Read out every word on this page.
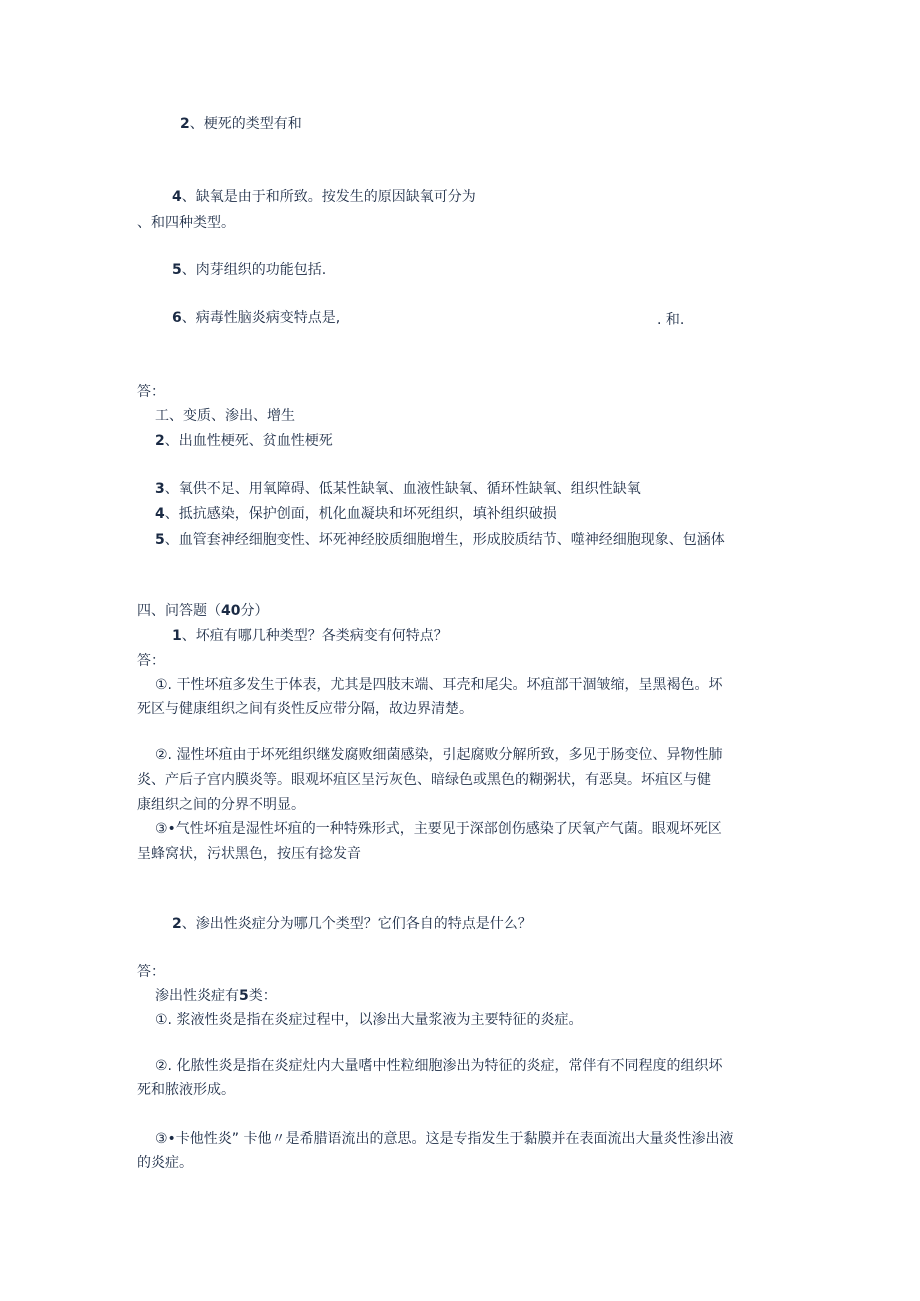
2、梗死的类型有和
4、缺氧是由于和所致。按发生的原因缺氧可分为
、和四种类型。
5、肉芽组织的功能包括.
6、病毒性脑炎病变特点是,	. 和.
答：
工、变质、渗出、增生
2、出血性梗死、贫血性梗死
3、氧供不足、用氧障碍、低某性缺氧、血液性缺氧、循环性缺氧、组织性缺氧
4、抵抗感染，保护创面，机化血凝块和坏死组织，填补组织破损
5、血管套神经细胞变性、坏死神经胶质细胞增生，形成胶质结节、噬神经细胞现象、包涵体
四、问答题（40分）
1、坏疽有哪几种类型？各类病变有何特点？
答：
①. 干性坏疽多发生于体表，尤其是四肢末端、耳壳和尾尖。坏疽部干涸皱缩，呈黑褐色。坏
死区与健康组织之间有炎性反应带分隔，故边界清楚。
②. 湿性坏疽由于坏死组织继发腐败细菌感染，引起腐败分解所致，多见于肠变位、异物性肺
炎、产后子宫内膜炎等。眼观坏疽区呈污灰色、暗绿色或黑色的糊粥状，有恶臭。坏疽区与健
康组织之间的分界不明显。
③•气性坏疽是湿性坏疽的一种特殊形式，主要见于深部创伤感染了厌氧产气菌。眼观坏死区
呈蜂窝状，污状黑色，按压有捻发音
2、渗出性炎症分为哪几个类型？它们各自的特点是什么？
答：
渗出性炎症有5类：
①. 浆液性炎是指在炎症过程中，以渗出大量浆液为主要特征的炎症。
②. 化脓性炎是指在炎症灶内大量嗜中性粒细胞渗出为特征的炎症，常伴有不同程度的组织坏
死和脓液形成。
③•卡他性炎” 卡他〃是希腊语流出的意思。这是专指发生于黏膜并在表面流出大量炎性渗出液
的炎症。
